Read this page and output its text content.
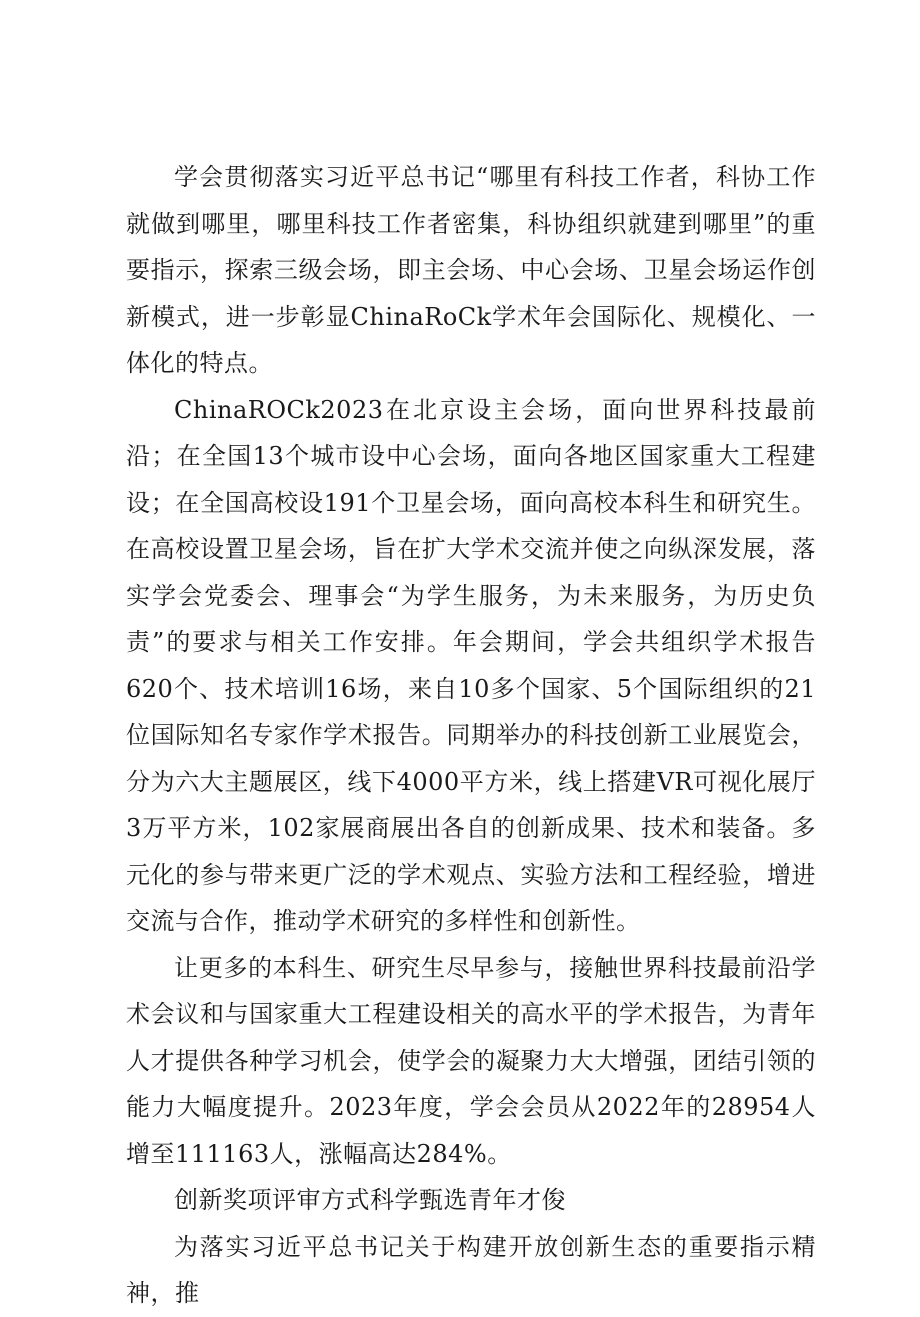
学会贯彻落实习近平总书记“哪里有科技工作者，科协工作就做到哪里，哪里科技工作者密集，科协组织就建到哪里”的重要指示，探索三级会场，即主会场、中心会场、卫星会场运作创新模式，进一步彰显ChinaRoCk学术年会国际化、规模化、一体化的特点。

ChinaROCk2023在北京设主会场，面向世界科技最前沿；在全国13个城市设中心会场，面向各地区国家重大工程建设；在全国高校设191个卫星会场，面向高校本科生和研究生。在高校设置卫星会场，旨在扩大学术交流并使之向纵深发展，落实学会党委会、理事会“为学生服务，为未来服务，为历史负责”的要求与相关工作安排。年会期间，学会共组织学术报告620个、技术培训16场，来自10多个国家、5个国际组织的21位国际知名专家作学术报告。同期举办的科技创新工业展览会，分为六大主题展区，线下4000平方米，线上搭建VR可视化展厅3万平方米，102家展商展出各自的创新成果、技术和装备。多元化的参与带来更广泛的学术观点、实验方法和工程经验，增进交流与合作，推动学术研究的多样性和创新性。

让更多的本科生、研究生尽早参与，接触世界科技最前沿学术会议和与国家重大工程建设相关的高水平的学术报告，为青年人才提供各种学习机会，使学会的凝聚力大大增强，团结引领的能力大幅度提升。2023年度，学会会员从2022年的28954人增至111163人，涨幅高达284%。

创新奖项评审方式科学甄选青年才俊

为落实习近平总书记关于构建开放创新生态的重要指示精神，推
